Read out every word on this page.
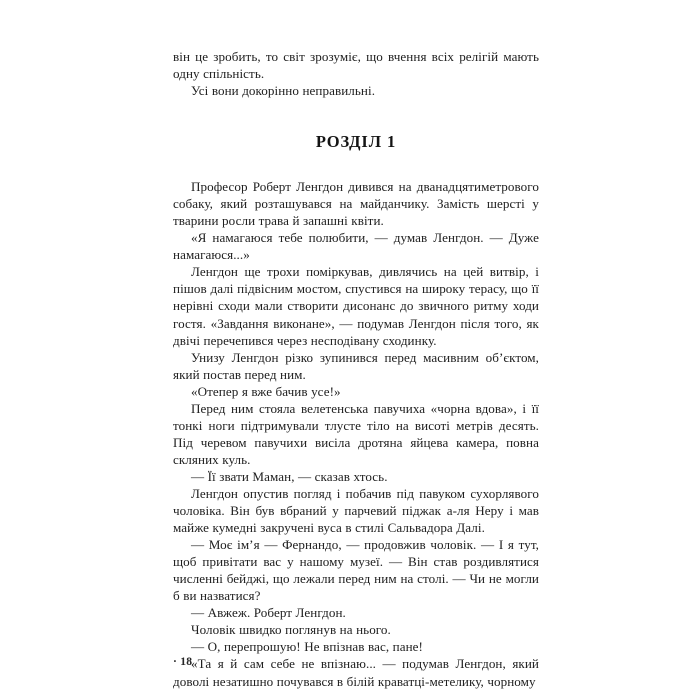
він це зробить, то світ зрозуміє, що вчення всіх релігій мають одну спільність.

Усі вони докорінно неправильні.

РОЗДІЛ 1

Професор Роберт Ленгдон дивився на дванадцятиметрового собаку, який розташувався на майданчику. Замість шерсті у тварини росли трава й запашні квіти.

«Я намагаюся тебе полюбити, — думав Ленгдон. — Дуже намагаюся...»

Ленгдон ще трохи поміркував, дивлячись на цей витвір, і пішов далі підвісним мостом, спустився на широку терасу, що її нерівні сходи мали створити дисонанс до звичного ритму ходи гостя. «Завдання виконане», — подумав Ленгдон після того, як двічі перечепився через несподівану сходинку.

Унизу Ленгдон різко зупинився перед масивним об’єктом, який постав перед ним.

«Отепер я вже бачив усе!»

Перед ним стояла велетенська павучиха «чорна вдова», і її тонкі ноги підтримували тлусте тіло на висоті метрів десять. Під черевом павучихи висіла дротяна яйцева камера, повна скляних куль.

— Її звати Маман, — сказав хтось.

Ленгдон опустив погляд і побачив під павуком сухорлявого чоловіка. Він був вбраний у парчевий піджак а-ля Неру і мав майже кумедні закручені вуса в стилі Сальвадора Далі.

— Моє ім’я — Фернандо, — продовжив чоловік. — І я тут, щоб привітати вас у нашому музеї. — Він став роздивлятися численні бейджі, що лежали перед ним на столі. — Чи не могли б ви назватися?

— Авжеж. Роберт Ленгдон.

Чоловік швидко поглянув на нього.

— О, перепрошую! Не впізнав вас, пане!

«Та я й сам себе не впізнаю... — подумав Ленгдон, який доволі незатишно почувався в білій краватці-метелику, чорному

· 18
